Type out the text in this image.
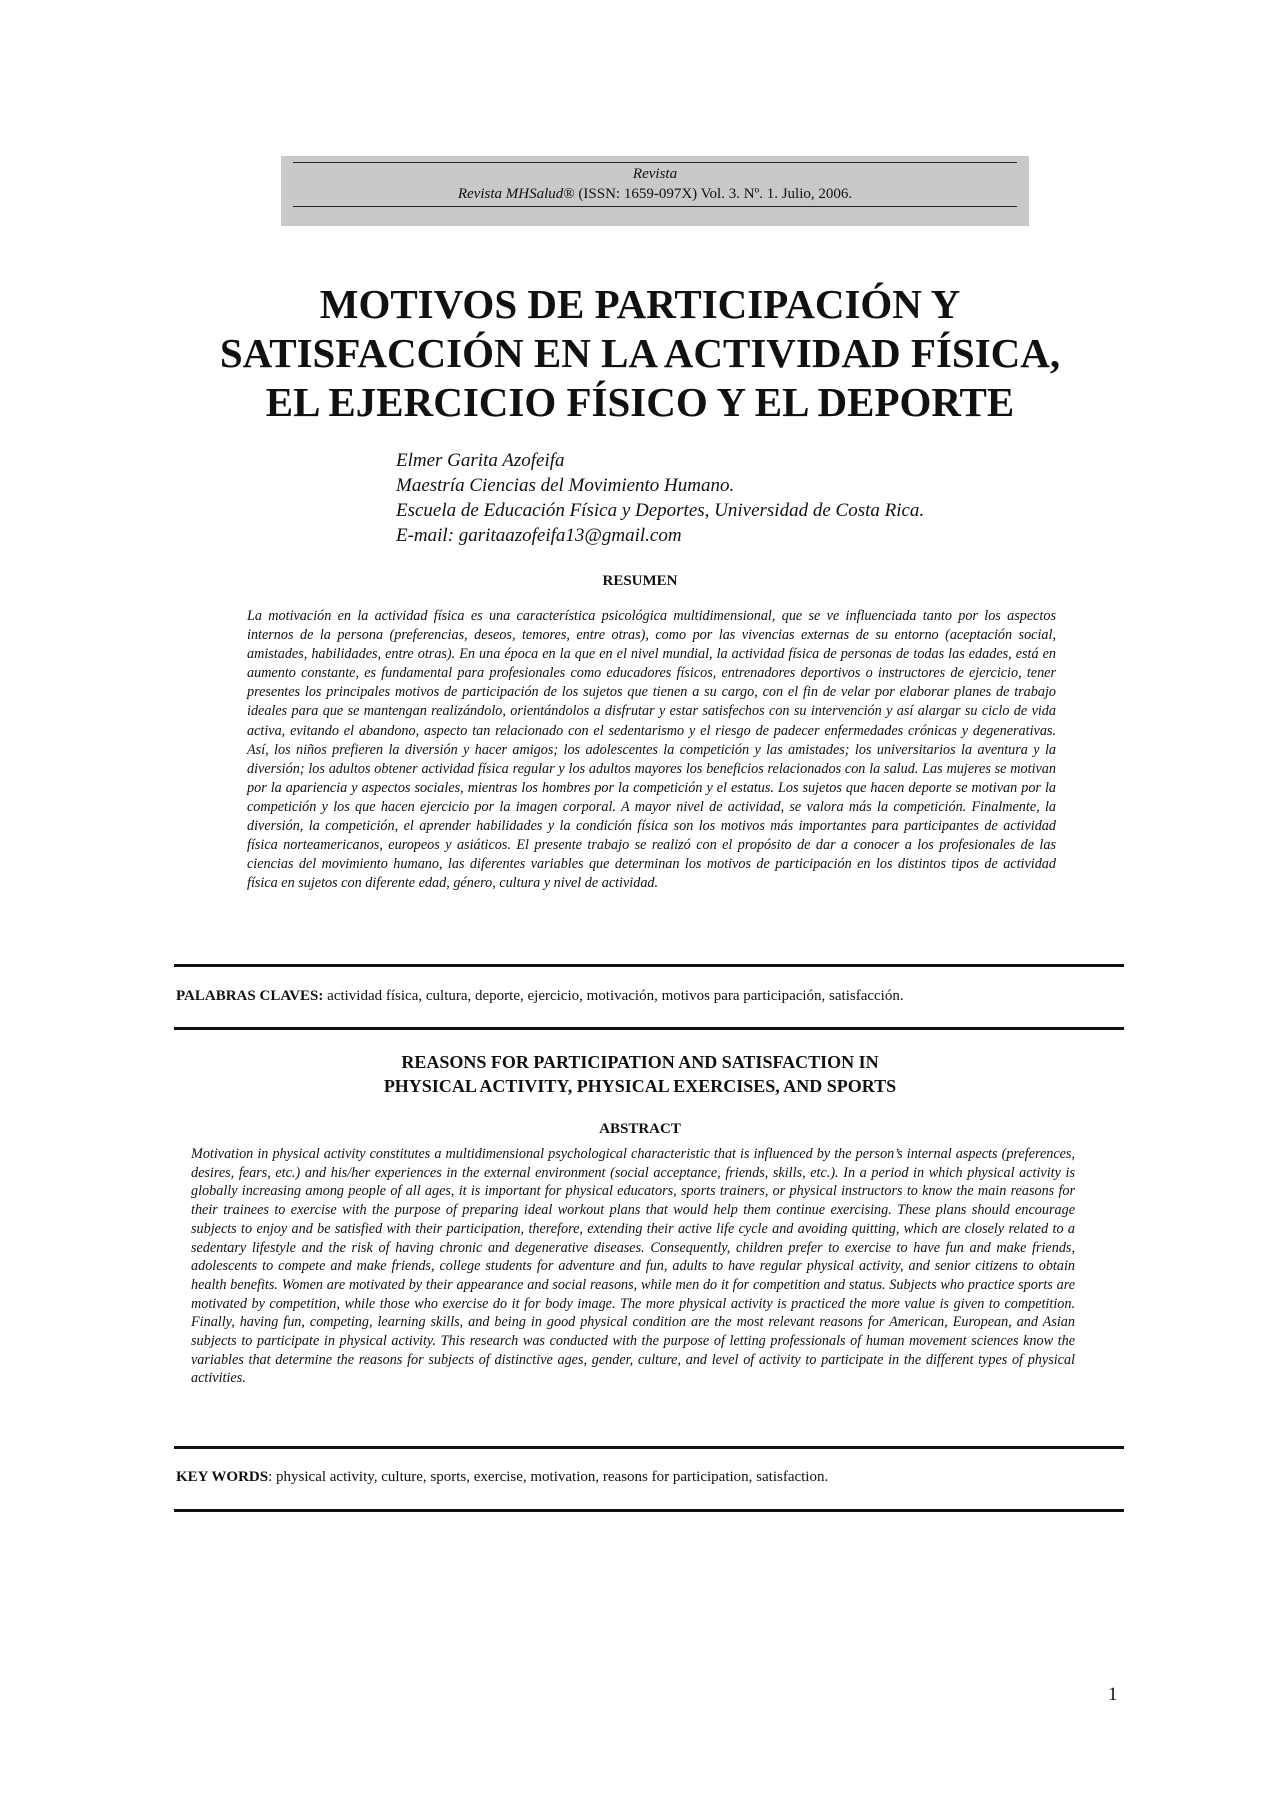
Revista
Revista MHSalud® (ISSN: 1659-097X) Vol. 3. Nº. 1. Julio, 2006.
MOTIVOS DE PARTICIPACIÓN Y
SATISFACCIÓN EN LA ACTIVIDAD FÍSICA,
EL EJERCICIO FÍSICO Y EL DEPORTE
Elmer Garita Azofeifa
Maestría Ciencias del Movimiento Humano.
Escuela de Educación Física y Deportes, Universidad de Costa Rica.
E-mail: garitaazofeifa13@gmail.com
RESUMEN

La motivación en la actividad física es una característica psicológica multidimensional, que se ve influenciada tanto por los aspectos internos de la persona (preferencias, deseos, temores, entre otras), como por las vivencias externas de su entorno (aceptación social, amistades, habilidades, entre otras). En una época en la que en el nivel mundial, la actividad física de personas de todas las edades, está en aumento constante, es fundamental para profesionales como educadores físicos, entrenadores deportivos o instructores de ejercicio, tener presentes los principales motivos de participación de los sujetos que tienen a su cargo, con el fin de velar por elaborar planes de trabajo ideales para que se mantengan realizándolo, orientándolos a disfrutar y estar satisfechos con su intervención y así alargar su ciclo de vida activa, evitando el abandono, aspecto tan relacionado con el sedentarismo y el riesgo de padecer enfermedades crónicas y degenerativas. Así, los niños prefieren la diversión y hacer amigos; los adolescentes la competición y las amistades; los universitarios la aventura y la diversión; los adultos obtener actividad física regular y los adultos mayores los beneficios relacionados con la salud. Las mujeres se motivan por la apariencia y aspectos sociales, mientras los hombres por la competición y el estatus. Los sujetos que hacen deporte se motivan por la competición y los que hacen ejercicio por la imagen corporal. A mayor nivel de actividad, se valora más la competición. Finalmente, la diversión, la competición, el aprender habilidades y la condición física son los motivos más importantes para participantes de actividad física norteamericanos, europeos y asiáticos. El presente trabajo se realizó con el propósito de dar a conocer a los profesionales de las ciencias del movimiento humano, las diferentes variables que determinan los motivos de participación en los distintos tipos de actividad física en sujetos con diferente edad, género, cultura y nivel de actividad.

PALABRAS CLAVES: actividad física, cultura, deporte, ejercicio, motivación, motivos para participación, satisfacción.
REASONS FOR PARTICIPATION AND SATISFACTION IN
PHYSICAL ACTIVITY, PHYSICAL EXERCISES, AND SPORTS
ABSTRACT

Motivation in physical activity constitutes a multidimensional psychological characteristic that is influenced by the person’s internal aspects (preferences, desires, fears, etc.) and his/her experiences in the external environment (social acceptance, friends, skills, etc.). In a period in which physical activity is globally increasing among people of all ages, it is important for physical educators, sports trainers, or physical instructors to know the main reasons for their trainees to exercise with the purpose of preparing ideal workout plans that would help them continue exercising. These plans should encourage subjects to enjoy and be satisfied with their participation, therefore, extending their active life cycle and avoiding quitting, which are closely related to a sedentary lifestyle and the risk of having chronic and degenerative diseases. Consequently, children prefer to exercise to have fun and make friends, adolescents to compete and make friends, college students for adventure and fun, adults to have regular physical activity, and senior citizens to obtain health benefits. Women are motivated by their appearance and social reasons, while men do it for competition and status. Subjects who practice sports are motivated by competition, while those who exercise do it for body image. The more physical activity is practiced the more value is given to competition. Finally, having fun, competing, learning skills, and being in good physical condition are the most relevant reasons for American, European, and Asian subjects to participate in physical activity. This research was conducted with the purpose of letting professionals of human movement sciences know the variables that determine the reasons for subjects of distinctive ages, gender, culture, and level of activity to participate in the different types of physical activities.

KEY WORDS: physical activity, culture, sports, exercise, motivation, reasons for participation, satisfaction.
1
